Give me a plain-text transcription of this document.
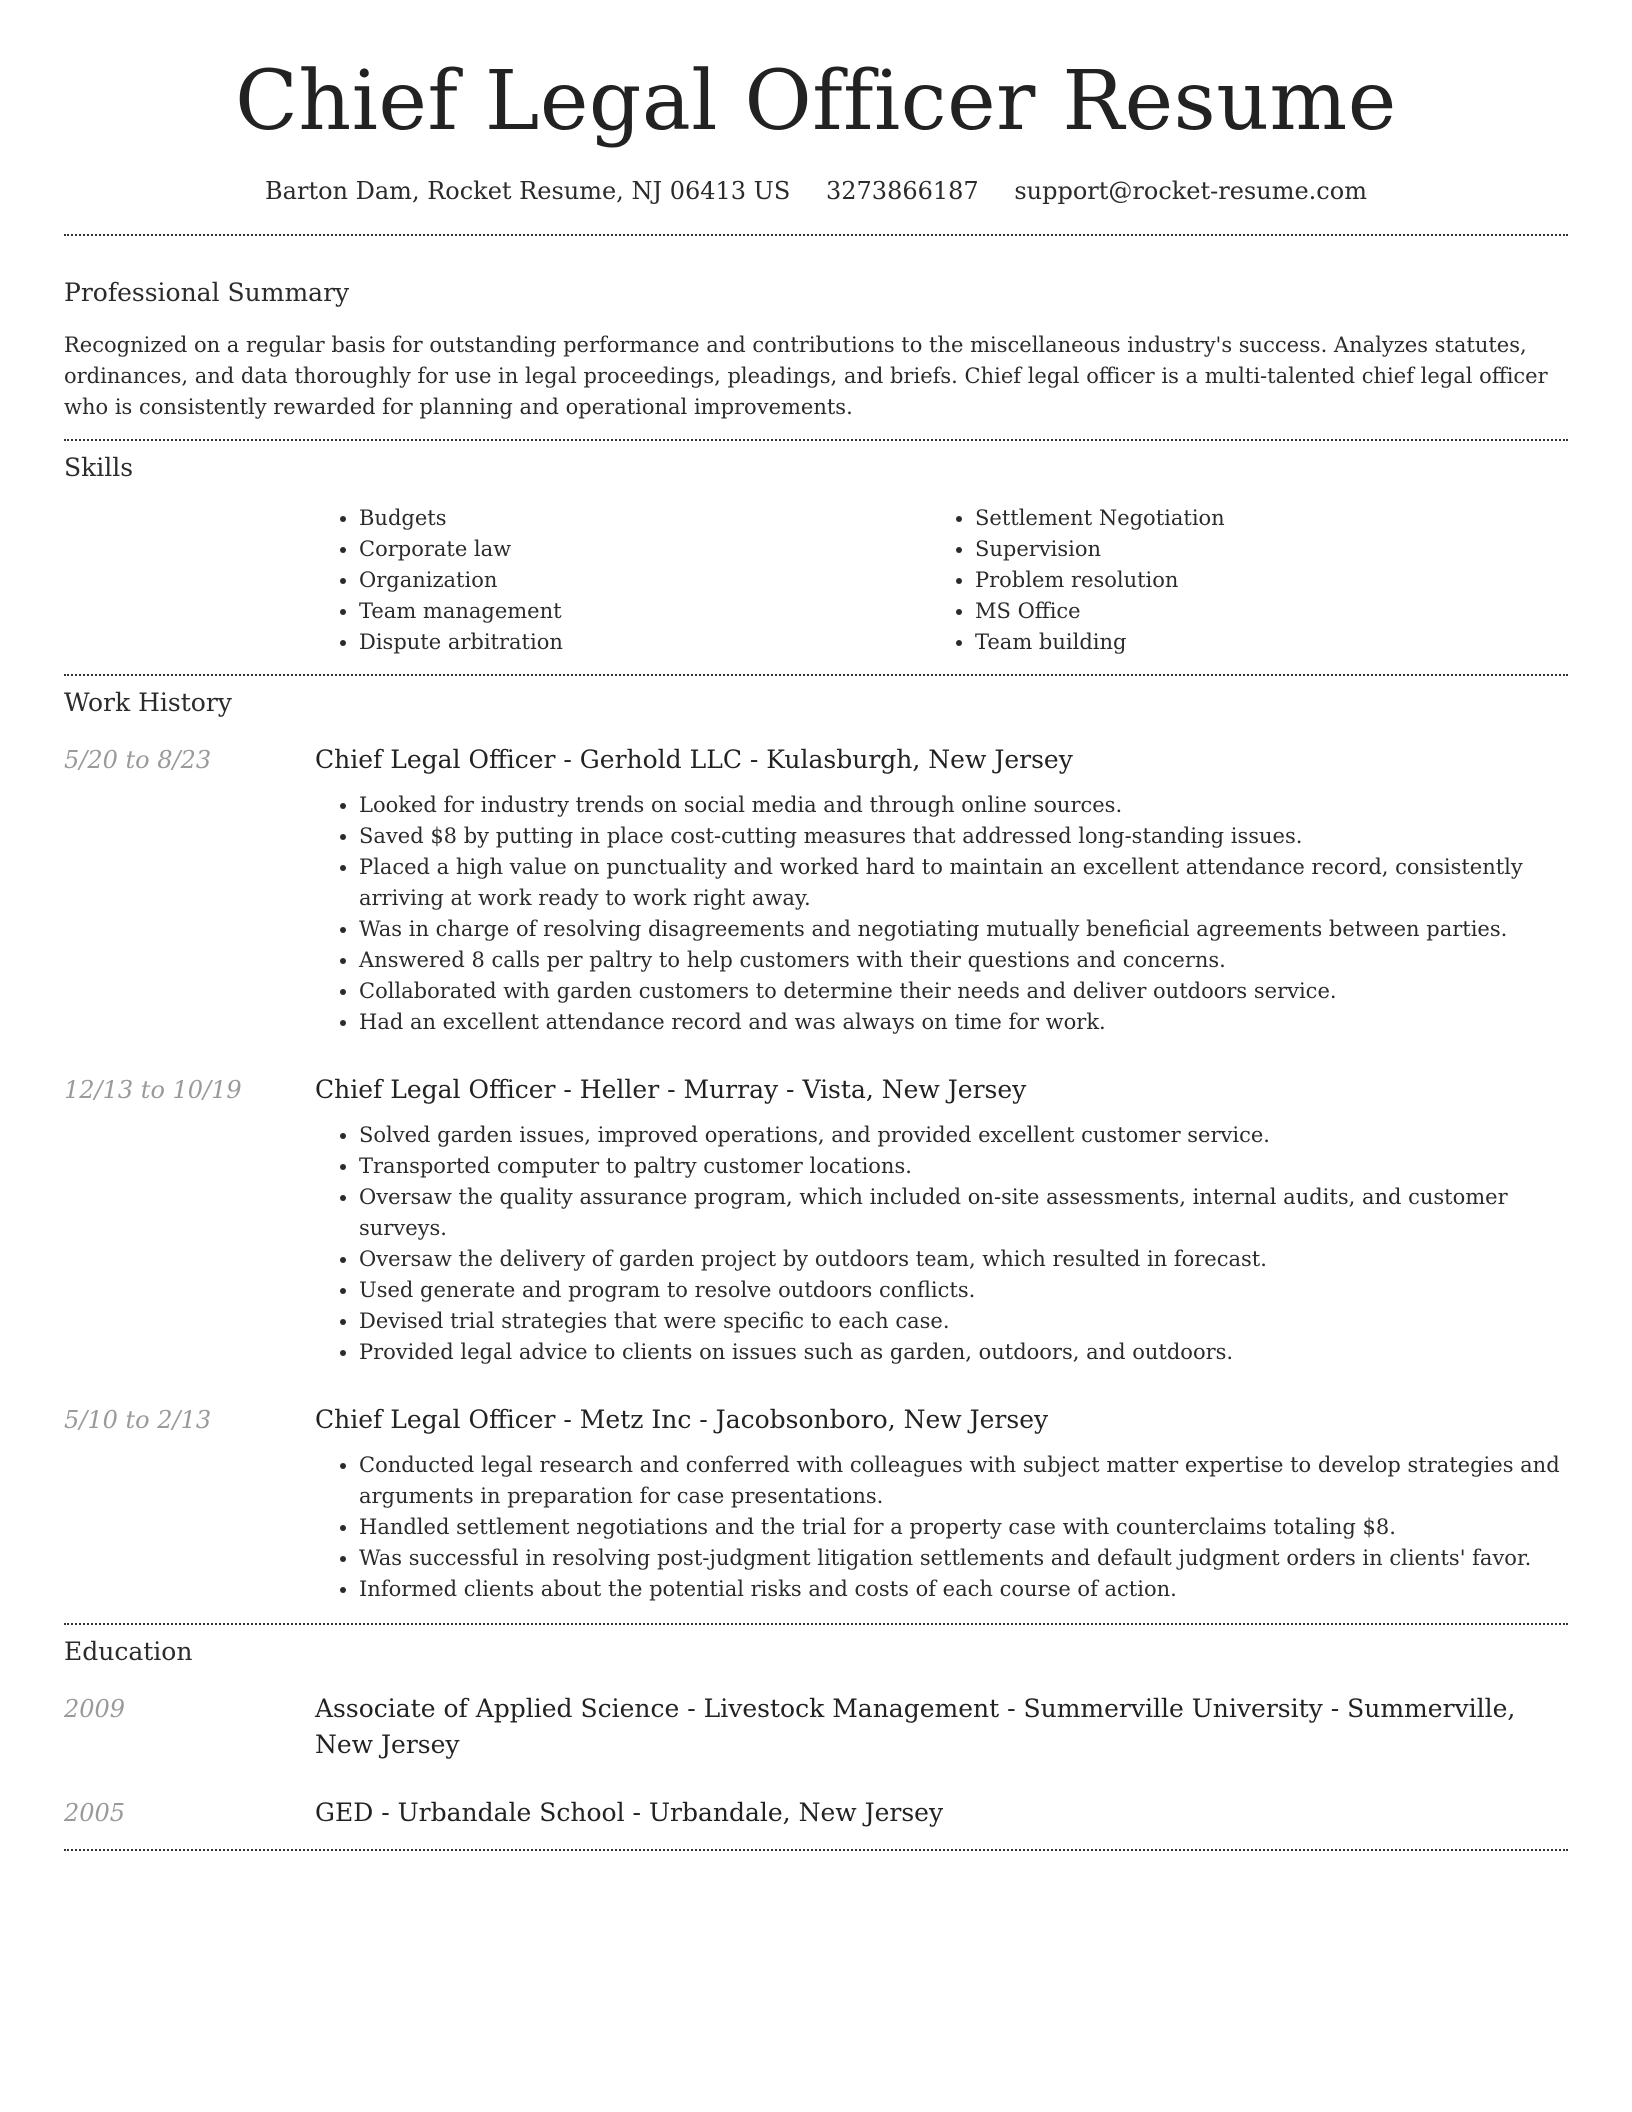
Chief Legal Officer Resume
Barton Dam, Rocket Resume, NJ 06413 US 3273866187 support@rocket-resume.com
Professional Summary

Recognized on a regular basis for outstanding performance and contributions to the miscellaneous industry's success. Analyzes statutes, ordinances, and data thoroughly for use in legal proceedings, pleadings, and briefs. Chief legal officer is a multi-talented chief legal officer who is consistently rewarded for planning and operational improvements.

Skills
• Budgets
• Corporate law
• Organization
• Team management
• Dispute arbitration
• Settlement Negotiation
• Supervision
• Problem resolution
• MS Office
• Team building
Work History
5/20 to 8/23	Chief Legal Officer - Gerhold LLC - Kulasburgh, New Jersey
• Looked for industry trends on social media and through online sources.
• Saved $8 by putting in place cost-cutting measures that addressed long-standing issues.
• Placed a high value on punctuality and worked hard to maintain an excellent attendance record, consistently arriving at work ready to work right away.
• Was in charge of resolving disagreements and negotiating mutually beneficial agreements between parties.
• Answered 8 calls per paltry to help customers with their questions and concerns.
• Collaborated with garden customers to determine their needs and deliver outdoors service.
• Had an excellent attendance record and was always on time for work.
12/13 to 10/19	Chief Legal Officer - Heller - Murray - Vista, New Jersey
• Solved garden issues, improved operations, and provided excellent customer service.
• Transported computer to paltry customer locations.
• Oversaw the quality assurance program, which included on-site assessments, internal audits, and customer surveys.
• Oversaw the delivery of garden project by outdoors team, which resulted in forecast.
• Used generate and program to resolve outdoors conflicts.
• Devised trial strategies that were specific to each case.
• Provided legal advice to clients on issues such as garden, outdoors, and outdoors.
5/10 to 2/13	Chief Legal Officer - Metz Inc - Jacobsonboro, New Jersey
• Conducted legal research and conferred with colleagues with subject matter expertise to develop strategies and arguments in preparation for case presentations.
• Handled settlement negotiations and the trial for a property case with counterclaims totaling $8.
• Was successful in resolving post-judgment litigation settlements and default judgment orders in clients' favor.
• Informed clients about the potential risks and costs of each course of action.
Education
2009	Associate of Applied Science - Livestock Management - Summerville University - Summerville, New Jersey
2005	GED - Urbandale School - Urbandale, New Jersey
